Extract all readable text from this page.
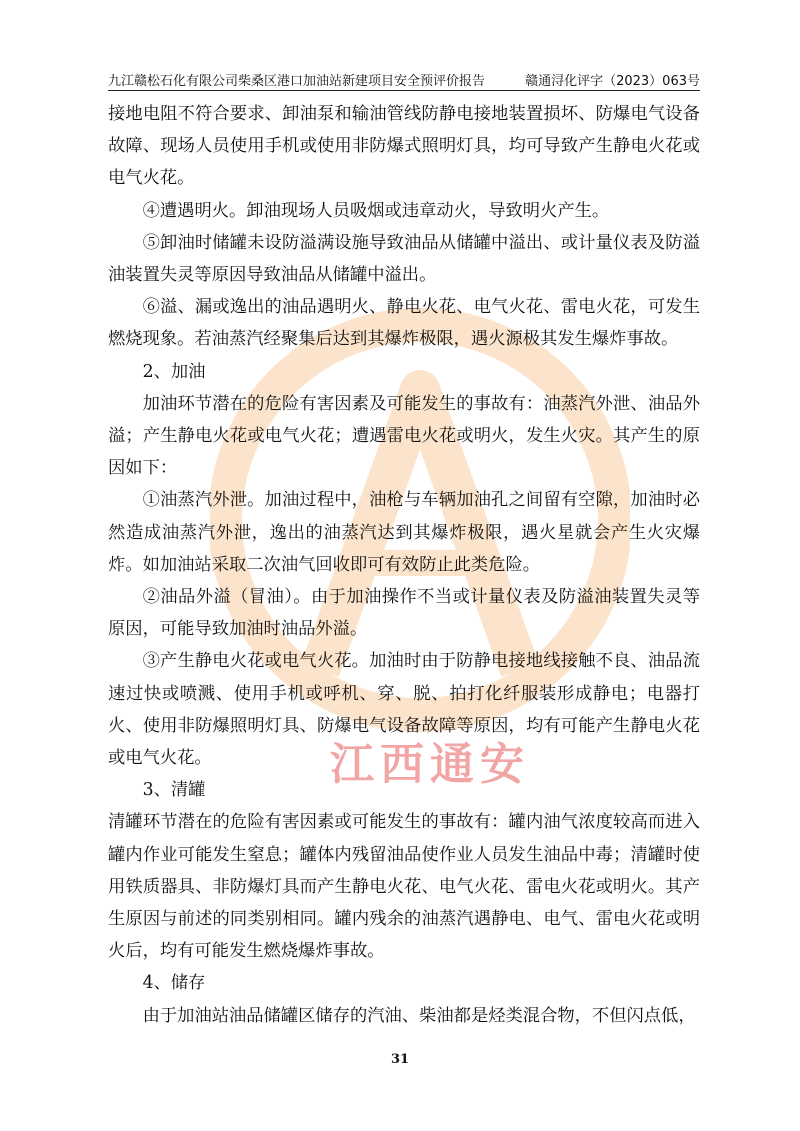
九江赣松石化有限公司柴桑区港口加油站新建项目安全预评价报告	赣通浔化评字（2023）063号

接地电阻不符合要求、卸油泵和输油管线防静电接地装置损坏、防爆电气设备故障、现场人员使用手机或使用非防爆式照明灯具，均可导致产生静电火花或电气火花。

④遭遇明火。卸油现场人员吸烟或违章动火，导致明火产生。

⑤卸油时储罐未设防溢满设施导致油品从储罐中溢出、或计量仪表及防溢油装置失灵等原因导致油品从储罐中溢出。

⑥溢、漏或逸出的油品遇明火、静电火花、电气火花、雷电火花，可发生燃烧现象。若油蒸汽经聚集后达到其爆炸极限，遇火源极其发生爆炸事故。

2、加油

加油环节潜在的危险有害因素及可能发生的事故有：油蒸汽外泄、油品外溢；产生静电火花或电气火花；遭遇雷电火花或明火，发生火灾。其产生的原因如下：

①油蒸汽外泄。加油过程中，油枪与车辆加油孔之间留有空隙，加油时必然造成油蒸汽外泄，逸出的油蒸汽达到其爆炸极限，遇火星就会产生火灾爆炸。如加油站采取二次油气回收即可有效防止此类危险。

②油品外溢（冒油）。由于加油操作不当或计量仪表及防溢油装置失灵等原因，可能导致加油时油品外溢。

③产生静电火花或电气火花。加油时由于防静电接地线接触不良、油品流速过快或喷溅、使用手机或呼机、穿、脱、拍打化纤服装形成静电；电器打火、使用非防爆照明灯具、防爆电气设备故障等原因，均有可能产生静电火花或电气火花。

3、清罐

清罐环节潜在的危险有害因素或可能发生的事故有：罐内油气浓度较高而进入罐内作业可能发生窒息；罐体内残留油品使作业人员发生油品中毒；清罐时使用铁质器具、非防爆灯具而产生静电火花、电气火花、雷电火花或明火。其产生原因与前述的同类别相同。罐内残余的油蒸汽遇静电、电气、雷电火花或明火后，均有可能发生燃烧爆炸事故。

4、储存

由于加油站油品储罐区储存的汽油、柴油都是烃类混合物，不但闪点低，

江西通安
31
